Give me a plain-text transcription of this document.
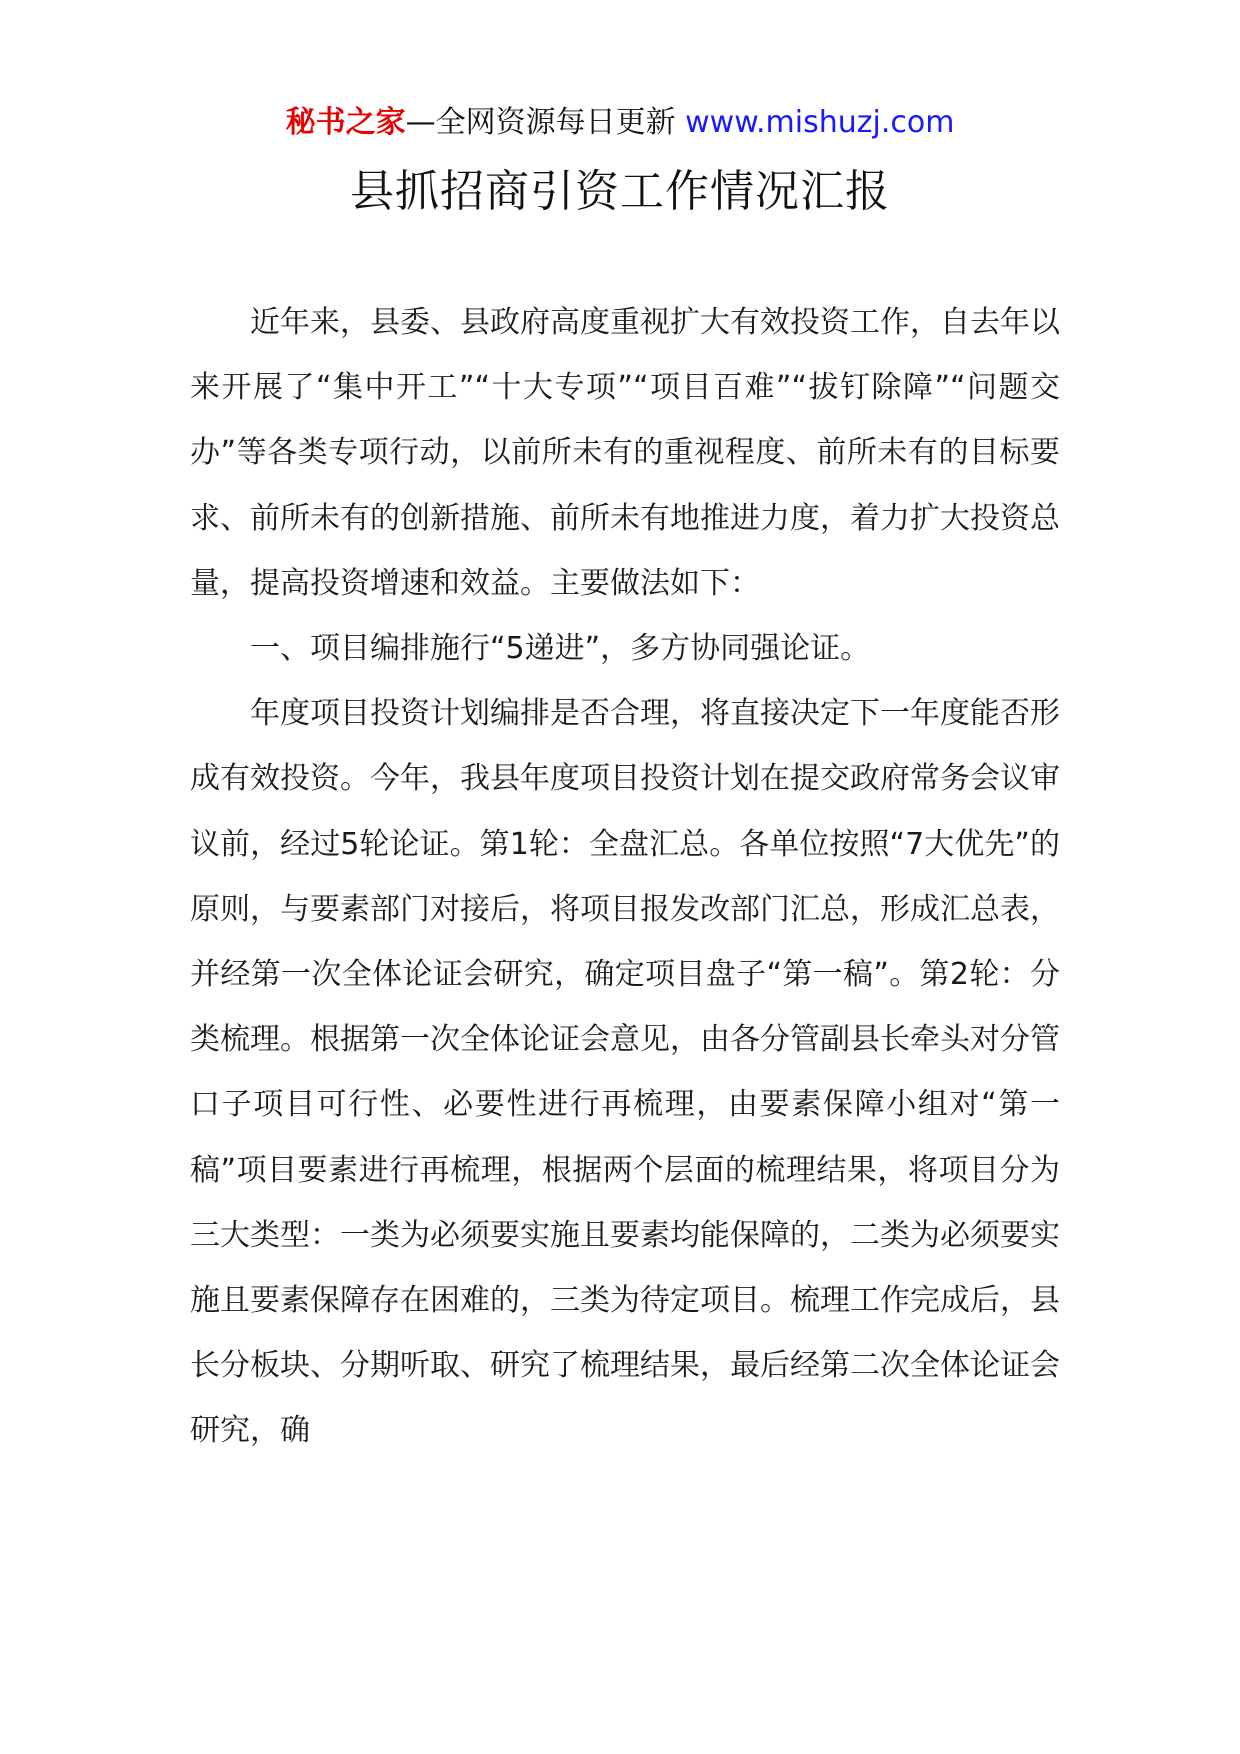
秘书之家—全网资源每日更新 www.mishuzj.com
县抓招商引资工作情况汇报

近年来，县委、县政府高度重视扩大有效投资工作，自去年以来开展了“集中开工”“十大专项”“项目百难”“拔钉除障”“问题交办”等各类专项行动，以前所未有的重视程度、前所未有的目标要求、前所未有的创新措施、前所未有地推进力度，着力扩大投资总量，提高投资增速和效益。主要做法如下：

一、项目编排施行“5递进”，多方协同强论证。

年度项目投资计划编排是否合理，将直接决定下一年度能否形成有效投资。今年，我县年度项目投资计划在提交政府常务会议审议前，经过5轮论证。第1轮：全盘汇总。各单位按照“7大优先”的原则，与要素部门对接后，将项目报发改部门汇总，形成汇总表，并经第一次全体论证会研究，确定项目盘子“第一稿”。第2轮：分类梳理。根据第一次全体论证会意见，由各分管副县长牵头对分管口子项目可行性、必要性进行再梳理，由要素保障小组对“第一稿”项目要素进行再梳理，根据两个层面的梳理结果，将项目分为三大类型：一类为必须要实施且要素均能保障的，二类为必须要实施且要素保障存在困难的，三类为待定项目。梳理工作完成后，县长分板块、分期听取、研究了梳理结果，最后经第二次全体论证会研究，确
